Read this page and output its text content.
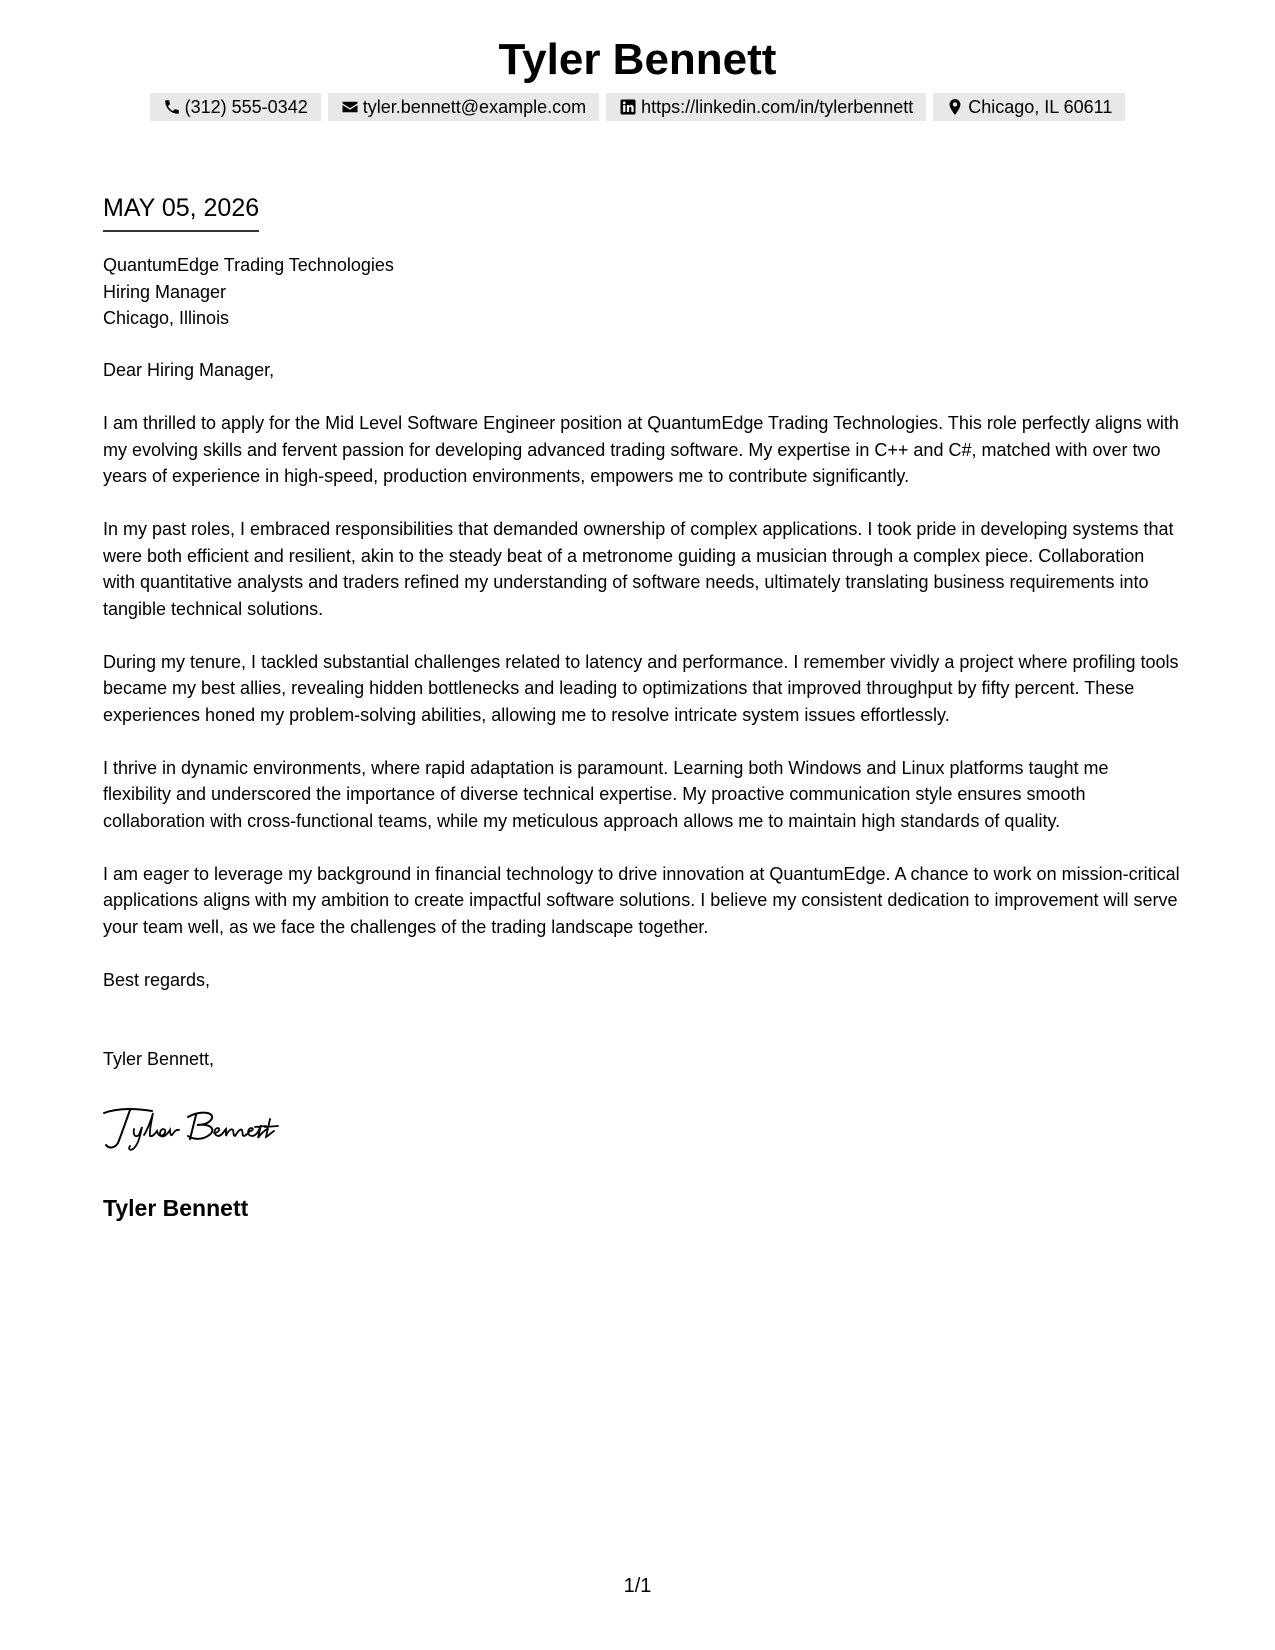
Tyler Bennett
(312) 555-0342	tyler.bennett@example.com	https://linkedin.com/in/tylerbennett	Chicago, IL 60611
MAY 05, 2026
QuantumEdge Trading Technologies
Hiring Manager
Chicago, Illinois
Dear Hiring Manager,

I am thrilled to apply for the Mid Level Software Engineer position at QuantumEdge Trading Technologies. This role perfectly aligns with my evolving skills and fervent passion for developing advanced trading software. My expertise in C++ and C#, matched with over two years of experience in high-speed, production environments, empowers me to contribute significantly.

In my past roles, I embraced responsibilities that demanded ownership of complex applications. I took pride in developing systems that were both efficient and resilient, akin to the steady beat of a metronome guiding a musician through a complex piece. Collaboration with quantitative analysts and traders refined my understanding of software needs, ultimately translating business requirements into tangible technical solutions.

During my tenure, I tackled substantial challenges related to latency and performance. I remember vividly a project where profiling tools became my best allies, revealing hidden bottlenecks and leading to optimizations that improved throughput by fifty percent. These experiences honed my problem-solving abilities, allowing me to resolve intricate system issues effortlessly.

I thrive in dynamic environments, where rapid adaptation is paramount. Learning both Windows and Linux platforms taught me flexibility and underscored the importance of diverse technical expertise. My proactive communication style ensures smooth collaboration with cross-functional teams, while my meticulous approach allows me to maintain high standards of quality.

I am eager to leverage my background in financial technology to drive innovation at QuantumEdge. A chance to work on mission-critical applications aligns with my ambition to create impactful software solutions. I believe my consistent dedication to improvement will serve your team well, as we face the challenges of the trading landscape together.

Best regards,
Tyler Bennett,
Tyler Bennett
1/1
